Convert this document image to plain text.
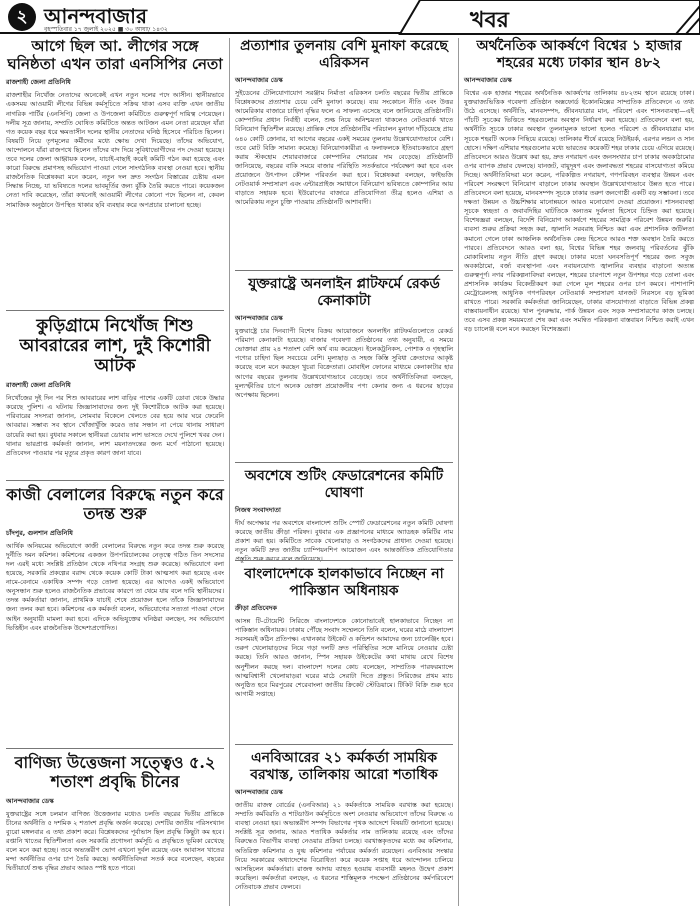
২ আনন্দবাজার
বৃহস্পতিবার ১৭ জুলাই ২০২৫ ■ ৩০ আষাঢ় ১৪৩২	খবর
আগে ছিল আ. লীগের সঙ্গে ঘনিষ্ঠতা এখন তারা এনসিপির নেতা
রাজশাহী জেলা প্রতিনিধি
রাজশাহীর নিখোঁজ নেতাদের অনেকেই এখন নতুন দলের পদে আসীন। স্থানীয়ভাবে একসময় আওয়ামী লীগের বিভিন্ন কর্মসূচিতে সক্রিয় থাকা এসব ব্যক্তি এখন জাতীয় নাগরিক পার্টির (এনসিপি) জেলা ও উপজেলা কমিটিতে গুরুত্বপূর্ণ দায়িত্ব পেয়েছেন। দলীয় সূত্র জানায়, সম্প্রতি ঘোষিত কমিটিতে অন্তত আটজন এমন নেতা রয়েছেন যাঁরা গত কয়েক বছর ধরে ক্ষমতাসীন দলের স্থানীয় নেতাদের ঘনিষ্ঠ হিসেবে পরিচিত ছিলেন। বিষয়টি নিয়ে তৃণমূলের কর্মীদের মধ্যে ক্ষোভ দেখা দিয়েছে। তাঁদের অভিযোগ, আন্দোলনে যাঁরা রাজপথে ছিলেন তাঁদের বাদ দিয়ে সুবিধাভোগীদের পদ দেওয়া হয়েছে। তবে দলের জেলা আহ্বায়ক বলেন, যাচাই-বাছাই করেই কমিটি গঠন করা হয়েছে এবং কারো বিরুদ্ধে প্রমাণসহ অভিযোগ পাওয়া গেলে সাংগঠনিক ব্যবস্থা নেওয়া হবে। স্থানীয় রাজনৈতিক বিশ্লেষকরা মনে করেন, নতুন দল দ্রুত সংগঠন বিস্তারের চেষ্টায় এমন সিদ্ধান্ত নিচ্ছে, যা ভবিষ্যতে দলের ভাবমূর্তির জন্য ঝুঁকি তৈরি করতে পারে। কয়েকজন নেতা দাবি করেছেন, তাঁরা কখনোই আওয়ামী লীগের কোনো পদে ছিলেন না, কেবল সামাজিক অনুষ্ঠানে উপস্থিত থাকার ছবি ব্যবহার করে অপপ্রচার চালানো হচ্ছে।
কুড়িগ্রামে নিখোঁজ শিশু আবরারের লাশ, দুই কিশোরী আটক
রাজশাহী জেলা প্রতিনিধি
নিখোঁজের দুই দিন পর শিশু আবরারের লাশ বাড়ির পাশের একটি ডোবা থেকে উদ্ধার করেছে পুলিশ। এ ঘটনায় জিজ্ঞাসাবাদের জন্য দুই কিশোরীকে আটক করা হয়েছে। পরিবারের সদস্যরা জানান, সোমবার বিকেলে খেলতে বের হয়ে আর ঘরে ফেরেনি আবরার। সম্ভাব্য সব স্থানে খোঁজাখুঁজি করেও তার সন্ধান না পেয়ে থানায় সাধারণ ডায়েরি করা হয়। বুধবার সকালে স্থানীয়রা ডোবায় লাশ ভাসতে দেখে পুলিশে খবর দেন। থানার ভারপ্রাপ্ত কর্মকর্তা জানান, লাশ ময়নাতদন্তের জন্য মর্গে পাঠানো হয়েছে। প্রতিবেদন পাওয়ার পর মৃত্যুর প্রকৃত কারণ জানা যাবে।
কাজী বেলালের বিরুদ্ধে নতুন করে তদন্ত শুরু
চাঁদপুর, গুলশান প্রতিনিধি
আর্থিক অনিয়মের অভিযোগে কাজী বেলালের বিরুদ্ধে নতুন করে তদন্ত শুরু করেছে দুর্নীতি দমন কমিশন। কমিশনের একজন উপপরিচালকের নেতৃত্বে গঠিত তিন সদস্যের দল এরই মধ্যে সংশ্লিষ্ট প্রতিষ্ঠান থেকে নথিপত্র সংগ্রহ শুরু করেছে। অভিযোগে বলা হয়েছে, সরকারি প্রকল্পের বরাদ্দ থেকে কয়েক কোটি টাকা আত্মসাৎ করা হয়েছে এবং নামে-বেনামে একাধিক সম্পদ গড়ে তোলা হয়েছে। এর আগেও একই অভিযোগে অনুসন্ধান শুরু হলেও রাজনৈতিক প্রভাবের কারণে তা থেমে যায় বলে দাবি স্থানীয়দের। তদন্ত কর্মকর্তারা জানান, প্রাথমিক যাচাই শেষে প্রয়োজন হলে তাঁকে জিজ্ঞাসাবাদের জন্য তলব করা হবে। কমিশনের এক কর্মকর্তা বলেন, অভিযোগের সত্যতা পাওয়া গেলে আইন অনুযায়ী মামলা করা হবে। এদিকে অভিযুক্তের ঘনিষ্ঠরা বলছেন, সব অভিযোগ ভিত্তিহীন এবং রাজনৈতিক উদ্দেশ্যপ্রণোদিত।
বাণিজ্য উত্তেজনা সত্ত্বেও ৫.২ শতাংশ প্রবৃদ্ধি চীনের
আনন্দবাজার ডেস্ক
যুক্তরাষ্ট্রের সঙ্গে চলমান বাণিজ্য উত্তেজনার মধ্যেও চলতি বছরের দ্বিতীয় প্রান্তিকে চীনের অর্থনীতি ৫ দশমিক ২ শতাংশ প্রবৃদ্ধি অর্জন করেছে। দেশটির জাতীয় পরিসংখ্যান ব্যুরো মঙ্গলবার এ তথ্য প্রকাশ করে। বিশ্লেষকদের পূর্বাভাস ছিল প্রবৃদ্ধি কিছুটা কম হবে। রপ্তানি খাতের স্থিতিশীলতা এবং সরকারি প্রণোদনা কর্মসূচি এ প্রবৃদ্ধিতে ভূমিকা রেখেছে বলে মনে করা হচ্ছে। তবে অভ্যন্তরীণ ভোগ এখনো দুর্বল রয়েছে এবং আবাসন খাতের মন্দা অর্থনীতির ওপর চাপ তৈরি করছে। অর্থনীতিবিদরা সতর্ক করে বলেছেন, বছরের দ্বিতীয়ার্ধে শুল্ক বৃদ্ধির প্রভাব আরও স্পষ্ট হতে পারে।
প্রত্যাশার তুলনায় বেশি মুনাফা করেছে এরিকসন
আনন্দবাজার ডেস্ক
সুইডেনের টেলিযোগাযোগ সরঞ্জাম নির্মাতা এরিকসন চলতি বছরের দ্বিতীয় প্রান্তিকে বিশ্লেষকদের প্রত্যাশার চেয়ে বেশি মুনাফা করেছে। ব্যয় সংকোচন নীতি এবং উত্তর আমেরিকার বাজারে চাহিদা বৃদ্ধির ফলে এ সাফল্য এসেছে বলে জানিয়েছে প্রতিষ্ঠানটি। কোম্পানির প্রধান নির্বাহী বলেন, শুল্ক নিয়ে অনিশ্চয়তা থাকলেও নেটওয়ার্ক খাতে বিনিয়োগ স্থিতিশীল রয়েছে। প্রান্তিক শেষে প্রতিষ্ঠানটির পরিচালন মুনাফা দাঁড়িয়েছে প্রায় ৬৪০ কোটি ক্রোনার, যা আগের বছরের একই সময়ের তুলনায় উল্লেখযোগ্যভাবে বেশি। তবে মোট বিক্রি সামান্য কমেছে। বিনিয়োগকারীরা এ ফলাফলকে ইতিবাচকভাবে গ্রহণ করায় স্টকহোম শেয়ারবাজারে কোম্পানির শেয়ারের দাম বেড়েছে। প্রতিষ্ঠানটি জানিয়েছে, বছরের বাকি সময়ে বাজার পরিস্থিতি সতর্কভাবে পর্যবেক্ষণ করা হবে এবং প্রয়োজনে উৎপাদন কৌশল পরিবর্তন করা হবে। বিশ্লেষকরা বলছেন, ফাইভজি নেটওয়ার্ক সম্প্রসারণ এবং এন্টারপ্রাইজ সমাধানে বিনিয়োগ ভবিষ্যতে কোম্পানির আয় বাড়াতে সহায়ক হবে। ইউরোপের বাজারে প্রতিযোগিতা তীব্র হলেও এশিয়া ও আমেরিকায় নতুন চুক্তি পাওয়ায় প্রতিষ্ঠানটি আশাবাদী।
যুক্তরাষ্ট্রে অনলাইন প্লাটফর্মে রেকর্ড কেনাকাটা
আনন্দবাজার ডেস্ক
যুক্তরাষ্ট্রে চার দিনব্যাপী বিশেষ বিক্রয় আয়োজনে অনলাইন প্লাটফর্মগুলোতে রেকর্ড পরিমাণ কেনাকাটা হয়েছে। বাজার গবেষণা প্রতিষ্ঠানের তথ্য অনুযায়ী, এ সময়ে ভোক্তারা প্রায় ২৪ শতাংশ বেশি অর্থ ব্যয় করেছেন। ইলেকট্রনিকস, পোশাক ও গৃহস্থালি পণ্যের চাহিদা ছিল সবচেয়ে বেশি। মূল্যছাড় ও সহজ কিস্তি সুবিধা ক্রেতাদের আকৃষ্ট করেছে বলে মনে করছেন খুচরা বিক্রেতারা। মোবাইল ফোনের মাধ্যমে কেনাকাটার হার আগের বছরের তুলনায় উল্লেখযোগ্যভাবে বেড়েছে। তবে অর্থনীতিবিদরা বলছেন, মূল্যস্ফীতির চাপে অনেক ভোক্তা প্রয়োজনীয় পণ্য কেনার জন্য এ ধরনের ছাড়ের অপেক্ষায় ছিলেন।
অবশেষে শুটিং ফেডারেশনের কমিটি ঘোষণা
নিজস্ব সংবাদদাতা
দীর্ঘ অপেক্ষার পর অবশেষে বাংলাদেশ শুটিং স্পোর্ট ফেডারেশনের নতুন কমিটি ঘোষণা করেছে জাতীয় ক্রীড়া পরিষদ। বুধবার এক প্রজ্ঞাপনের মাধ্যমে অ্যাডহক কমিটির নাম প্রকাশ করা হয়। কমিটিতে সাবেক খেলোয়াড় ও সংগঠকদের প্রাধান্য দেওয়া হয়েছে। নতুন কমিটি দ্রুত জাতীয় চ্যাম্পিয়নশিপ আয়োজন এবং আন্তর্জাতিক প্রতিযোগিতার
বাংলাদেশকে হালকাভাবে নিচ্ছেন না পাকিস্তান অধিনায়ক
ক্রীড়া প্রতিবেদক
আসন্ন টি-টোয়েন্টি সিরিজে বাংলাদেশকে কোনোভাবেই হালকাভাবে নিচ্ছেন না পাকিস্তান অধিনায়ক। ঢাকায় পৌঁছে সংবাদ সম্মেলনে তিনি বলেন, ঘরের মাঠে বাংলাদেশ সবসময়ই কঠিন প্রতিপক্ষ। এখানকার উইকেট ও কন্ডিশন আমাদের জন্য চ্যালেঞ্জিং হবে। তরুণ খেলোয়াড়দের নিয়ে গড়া দলটি দ্রুত পরিস্থিতির সঙ্গে মানিয়ে নেওয়ার চেষ্টা করছে। তিনি আরও জানান, স্পিন সহায়ক উইকেটের কথা মাথায় রেখে বিশেষ অনুশীলন করছে দল। বাংলাদেশ দলের কোচ বলেছেন, সাম্প্রতিক পারফরম্যান্সে আত্মবিশ্বাসী খেলোয়াড়রা ঘরের মাঠে সেরাটা দিতে প্রস্তুত। সিরিজের প্রথম ম্যাচ অনুষ্ঠিত হবে মিরপুরের শেরেবাংলা জাতীয় ক্রিকেট স্টেডিয়ামে। টিকিট বিক্রি শুরু হবে আগামী সপ্তাহে।
এনবিআরের ২১ কর্মকর্তা সাময়িক বরখাস্ত, তালিকায় আরো শতাধিক
আনন্দবাজার ডেস্ক
জাতীয় রাজস্ব বোর্ডের (এনবিআর) ২১ কর্মকর্তাকে সাময়িক বরখাস্ত করা হয়েছে। সম্প্রতি কর্মবিরতি ও শাটডাউন কর্মসূচিতে অংশ নেওয়ার অভিযোগে তাঁদের বিরুদ্ধে এ ব্যবস্থা নেওয়া হয়। অভ্যন্তরীণ সম্পদ বিভাগের পৃথক আদেশে বিষয়টি জানানো হয়েছে। সংশ্লিষ্ট সূত্র জানায়, আরও শতাধিক কর্মকর্তার নাম তালিকায় রয়েছে এবং তাঁদের বিরুদ্ধেও বিভাগীয় ব্যবস্থা নেওয়ার প্রক্রিয়া চলছে। বরখাস্তকৃতদের মধ্যে কর কমিশনার, অতিরিক্ত কমিশনার ও যুগ্ম কমিশনার পর্যায়ের কর্মকর্তা রয়েছেন। এনবিআর সংস্কার নিয়ে সরকারের অধ্যাদেশের বিরোধিতা করে কয়েক সপ্তাহ ধরে আন্দোলন চালিয়ে আসছিলেন কর্মকর্তারা। রাজস্ব আদায় ব্যাহত হওয়ায় ব্যবসায়ী মহলও উদ্বেগ প্রকাশ করেছিল। কর্মকর্তারা বলছেন, এ ধরনের শাস্তিমূলক পদক্ষেপ প্রতিষ্ঠানের কর্মপরিবেশে নেতিবাচক প্রভাব ফেলবে।
অর্থনৈতিক আকর্ষণে বিশ্বের ১ হাজার শহরের মধ্যে ঢাকার স্থান ৪৮২
আনন্দবাজার ডেস্ক
বিশ্বের এক হাজার শহরের অর্থনৈতিক আকর্ষণের তালিকায় ৪৮২তম স্থানে রয়েছে ঢাকা। যুক্তরাজ্যভিত্তিক গবেষণা প্রতিষ্ঠান অক্সফোর্ড ইকোনমিক্সের সাম্প্রতিক প্রতিবেদনে এ তথ্য উঠে এসেছে। অর্থনীতি, মানবসম্পদ, জীবনযাত্রার মান, পরিবেশ এবং শাসনব্যবস্থা—এই পাঁচটি সূচকের ভিত্তিতে শহরগুলোর অবস্থান নির্ধারণ করা হয়েছে। প্রতিবেদনে বলা হয়, অর্থনীতি সূচকে ঢাকার অবস্থান তুলনামূলক ভালো হলেও পরিবেশ ও জীবনযাত্রার মান সূচকে শহরটি অনেক পিছিয়ে রয়েছে। তালিকার শীর্ষে রয়েছে নিউইয়র্ক, এরপর লন্ডন ও সান হোসে। দক্ষিণ এশিয়ার শহরগুলোর মধ্যে ভারতের কয়েকটি শহর ঢাকার চেয়ে এগিয়ে রয়েছে। প্রতিবেদনে আরও উল্লেখ করা হয়, দ্রুত নগরায়ণ এবং জনসংখ্যার চাপ ঢাকার অবকাঠামোর ওপর ব্যাপক প্রভাব ফেলছে। যানজট, বায়ুদূষণ এবং জলাবদ্ধতা শহরের বাসযোগ্যতা কমিয়ে দিচ্ছে। অর্থনীতিবিদরা মনে করেন, পরিকল্পিত নগরায়ণ, গণপরিবহন ব্যবস্থার উন্নয়ন এবং পরিবেশ সংরক্ষণে বিনিয়োগ বাড়ালে ঢাকার অবস্থান উল্লেখযোগ্যভাবে উন্নত হতে পারে। প্রতিবেদনে বলা হয়েছে, মানবসম্পদ সূচকে ঢাকার তরুণ জনগোষ্ঠী একটি বড় সম্ভাবনা। তবে দক্ষতা উন্নয়ন ও উচ্চশিক্ষার মানোন্নয়নে আরও মনোযোগ দেওয়া প্রয়োজন। শাসনব্যবস্থা সূচকে স্বচ্ছতা ও জবাবদিহির ঘাটতিকে অন্যতম দুর্বলতা হিসেবে চিহ্নিত করা হয়েছে। বিশেষজ্ঞরা বলছেন, বিদেশি বিনিয়োগ আকর্ষণে শহরের সামগ্রিক পরিবেশ উন্নয়ন জরুরি। ব্যবসা শুরুর প্রক্রিয়া সহজ করা, জ্বালানি সরবরাহ নিশ্চিত করা এবং প্রশাসনিক জটিলতা কমানো গেলে ঢাকা আঞ্চলিক অর্থনৈতিক কেন্দ্র হিসেবে আরও শক্ত অবস্থান তৈরি করতে পারবে। প্রতিবেদনে আরও বলা হয়, বিশ্বের বিভিন্ন শহর জলবায়ু পরিবর্তনের ঝুঁকি মোকাবিলায় নতুন নীতি গ্রহণ করছে। ঢাকার মতো ঘনবসতিপূর্ণ শহরের জন্য সবুজ অবকাঠামো, বর্জ্য ব্যবস্থাপনা এবং নবায়নযোগ্য জ্বালানির ব্যবহার বাড়ানো অত্যন্ত গুরুত্বপূর্ণ। নগর পরিকল্পনাবিদরা বলছেন, শহরের চারপাশে নতুন উপশহর গড়ে তোলা এবং প্রশাসনিক কার্যক্রম বিকেন্দ্রীকরণ করা গেলে মূল শহরের ওপর চাপ কমবে। পাশাপাশি মেট্রোরেলসহ আধুনিক গণপরিবহন নেটওয়ার্ক সম্প্রসারণ যানজট নিরসনে বড় ভূমিকা রাখতে পারে। সরকারি কর্মকর্তারা জানিয়েছেন, ঢাকার বাসযোগ্যতা বাড়াতে বিভিন্ন প্রকল্প বাস্তবায়নাধীন রয়েছে। খাল পুনরুদ্ধার, পার্ক উন্নয়ন এবং সড়ক সম্প্রসারণের কাজ চলছে। তবে এসব প্রকল্প সময়মতো শেষ করা এবং সমন্বিত পরিকল্পনা বাস্তবায়ন নিশ্চিত করাই এখন বড় চ্যালেঞ্জ বলে মনে করছেন বিশেষজ্ঞরা।
